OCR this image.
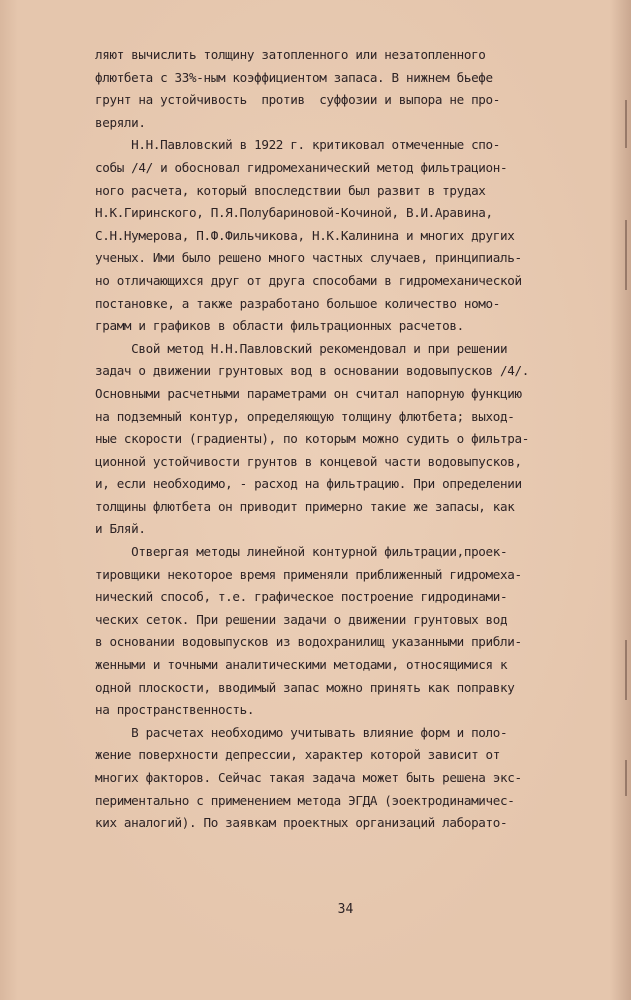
ляют вычислить толщину затопленного или незатопленного
флютбета с 33%-ным коэффициентом запаса. В нижнем бьефе
грунт на устойчивость  против  суффозии и выпора не про-
веряли.
Н.Н.Павловский в 1922 г. критиковал отмеченные спо-
собы /4/ и обосновал гидромеханический метод фильтрацион-
ного расчета, который впоследствии был развит в трудах
Н.К.Гиринского, П.Я.Полубариновой-Кочиной, В.И.Аравина,
С.Н.Нумерова, П.Ф.Фильчикова, Н.К.Калинина и многих других
ученых. Ими было решено много частных случаев, принципиаль-
но отличающихся друг от друга способами в гидромеханической
постановке, а также разработано большое количество номо-
грамм и графиков в области фильтрационных расчетов.
Свой метод Н.Н.Павловский рекомендовал и при решении
задач о движении грунтовых вод в основании водовыпусков /4/.
Основными расчетными параметрами он считал напорную функцию
на подземный контур, определяющую толщину флютбета; выход-
ные скорости (градиенты), по которым можно судить о фильтра-
ционной устойчивости грунтов в концевой части водовыпусков,
и, если необходимо, - расход на фильтрацию. При определении
толщины флютбета он приводит примерно такие же запасы, как
и Бляй.
Отвергая методы линейной контурной фильтрации,проек-
тировщики некоторое время применяли приближенный гидромеха-
нический способ, т.е. графическое построение гидродинами-
ческих сеток. При решении задачи о движении грунтовых вод
в основании водовыпусков из водохранилищ указанными прибли-
женными и точными аналитическими методами, относящимися к
одной плоскости, вводимый запас можно принять как поправку
на пространственность.
В расчетах необходимо учитывать влияние форм и поло-
жение поверхности депрессии, характер которой зависит от
многих факторов. Сейчас такая задача может быть решена экс-
периментально с применением метода ЭГДА (эоектродинамичес-
ких аналогий). По заявкам проектных организаций лаборато-
34
